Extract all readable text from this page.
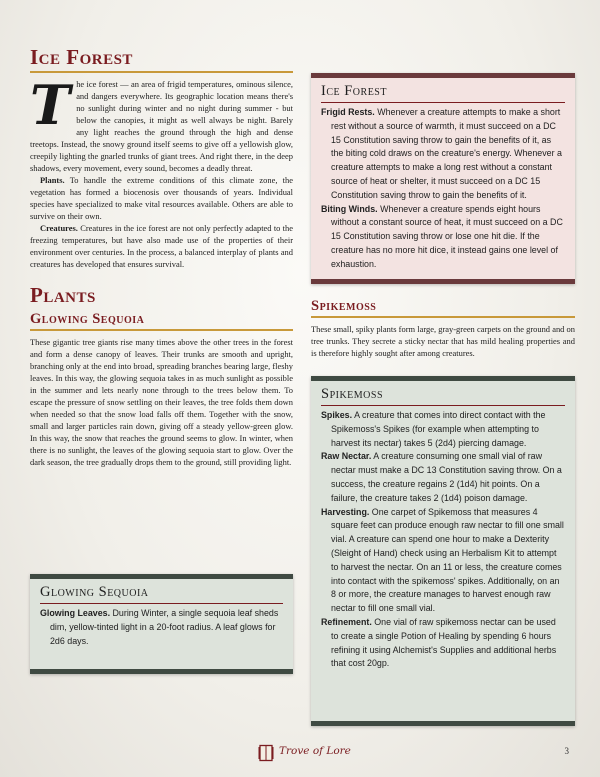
Ice Forest

The ice forest — an area of frigid temperatures, ominous silence, and dangers everywhere. Its geographic location means there's no sunlight during winter and no night during summer - but below the canopies, it might as well always be night. Barely any light reaches the ground through the high and dense treetops. Instead, the snowy ground itself seems to give off a yellowish glow, creepily lighting the gnarled trunks of giant trees. And right there, in the deep shadows, every movement, every sound, becomes a deadly threat.

Plants. To handle the extreme conditions of this climate zone, the vegetation has formed a biocenosis over thousands of years. Individual species have specialized to make vital resources available. Others are able to survive on their own.

Creatures. Creatures in the ice forest are not only perfectly adapted to the freezing temperatures, but have also made use of the properties of their environment over centuries. In the process, a balanced interplay of plants and creatures has developed that ensures survival.

Plants
Glowing Sequoia

These gigantic tree giants rise many times above the other trees in the forest and form a dense canopy of leaves. Their trunks are smooth and upright, branching only at the end into broad, spreading branches bearing large, fleshy leaves. In this way, the glowing sequoia takes in as much sunlight as possible in the summer and lets nearly none through to the trees below them. To escape the pressure of snow settling on their leaves, the tree folds them down when needed so that the snow load falls off them. Together with the snow, small and larger particles rain down, giving off a steady yellow-green glow. In this way, the snow that reaches the ground seems to glow. In winter, when there is no sunlight, the leaves of the glowing sequoia start to glow. Over the dark season, the tree gradually drops them to the ground, still providing light.

Glowing Sequoia

Glowing Leaves. During Winter, a single sequoia leaf sheds dim, yellow-tinted light in a 20-foot radius. A leaf glows for 2d6 days.

Ice Forest

Frigid Rests. Whenever a creature attempts to make a short rest without a source of warmth, it must succeed on a DC 15 Constitution saving throw to gain the benefits of it, as the biting cold draws on the creature's energy. Whenever a creature attempts to make a long rest without a constant source of heat or shelter, it must succeed on a DC 15 Constitution saving throw to gain the benefits of it.

Biting Winds. Whenever a creature spends eight hours without a constant source of heat, it must succeed on a DC 15 Constitution saving throw or lose one hit die. If the creature has no more hit dice, it instead gains one level of exhaustion.

Spikemoss

These small, spiky plants form large, gray-green carpets on the ground and on tree trunks. They secrete a sticky nectar that has mild healing properties and is therefore highly sought after among creatures.

Spikemoss

Spikes. A creature that comes into direct contact with the Spikemoss's Spikes (for example when attempting to harvest its nectar) takes 5 (2d4) piercing damage.

Raw Nectar. A creature consuming one small vial of raw nectar must make a DC 13 Constitution saving throw. On a success, the creature regains 2 (1d4) hit points. On a failure, the creature takes 2 (1d4) poison damage.

Harvesting. One carpet of Spikemoss that measures 4 square feet can produce enough raw nectar to fill one small vial. A creature can spend one hour to make a Dexterity (Sleight of Hand) check using an Herbalism Kit to attempt to harvest the nectar. On an 11 or less, the creature comes into contact with the spikemoss' spikes. Additionally, on an 8 or more, the creature manages to harvest enough raw nectar to fill one small vial.

Refinement. One vial of raw spikemoss nectar can be used to create a single Potion of Healing by spending 6 hours refining it using Alchemist's Supplies and additional herbs that cost 20gp.

Trove of Lore	3
